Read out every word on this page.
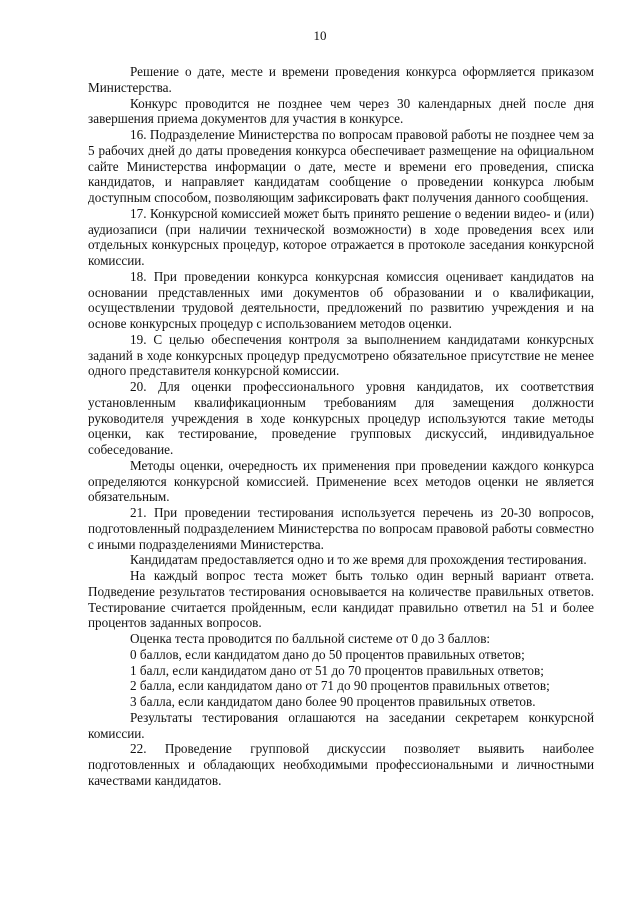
10

Решение о дате, месте и времени проведения конкурса оформляется приказом Министерства.

Конкурс проводится не позднее чем через 30 календарных дней после дня завершения приема документов для участия в конкурсе.

16. Подразделение Министерства по вопросам правовой работы не позднее чем за 5 рабочих дней до даты проведения конкурса обеспечивает размещение на официальном сайте Министерства информации о дате, месте и времени его проведения, списка кандидатов, и направляет кандидатам сообщение о проведении конкурса любым доступным способом, позволяющим зафиксировать факт получения данного сообщения.

17. Конкурсной комиссией может быть принято решение о ведении видео- и (или) аудиозаписи (при наличии технической возможности) в ходе проведения всех или отдельных конкурсных процедур, которое отражается в протоколе заседания конкурсной комиссии.

18. При проведении конкурса конкурсная комиссия оценивает кандидатов на основании представленных ими документов об образовании и о квалификации, осуществлении трудовой деятельности, предложений по развитию учреждения и на основе конкурсных процедур с использованием методов оценки.

19. С целью обеспечения контроля за выполнением кандидатами конкурсных заданий в ходе конкурсных процедур предусмотрено обязательное присутствие не менее одного представителя конкурсной комиссии.

20. Для оценки профессионального уровня кандидатов, их соответствия установленным квалификационным требованиям для замещения должности руководителя учреждения в ходе конкурсных процедур используются такие методы оценки, как тестирование, проведение групповых дискуссий, индивидуальное собеседование.

Методы оценки, очередность их применения при проведении каждого конкурса определяются конкурсной комиссией. Применение всех методов оценки не является обязательным.

21. При проведении тестирования используется перечень из 20-30 вопросов, подготовленный подразделением Министерства по вопросам правовой работы совместно с иными подразделениями Министерства.

Кандидатам предоставляется одно и то же время для прохождения тестирования.

На каждый вопрос теста может быть только один верный вариант ответа. Подведение результатов тестирования основывается на количестве правильных ответов. Тестирование считается пройденным, если кандидат правильно ответил на 51 и более процентов заданных вопросов.

Оценка теста проводится по балльной системе от 0 до 3 баллов:

0 баллов, если кандидатом дано до 50 процентов правильных ответов;

1 балл, если кандидатом дано от 51 до 70 процентов правильных ответов;

2 балла, если кандидатом дано от 71 до 90 процентов правильных ответов;

3 балла, если кандидатом дано более 90 процентов правильных ответов.

Результаты тестирования оглашаются на заседании секретарем конкурсной комиссии.

22. Проведение групповой дискуссии позволяет выявить наиболее подготовленных и обладающих необходимыми профессиональными и личностными качествами кандидатов.
